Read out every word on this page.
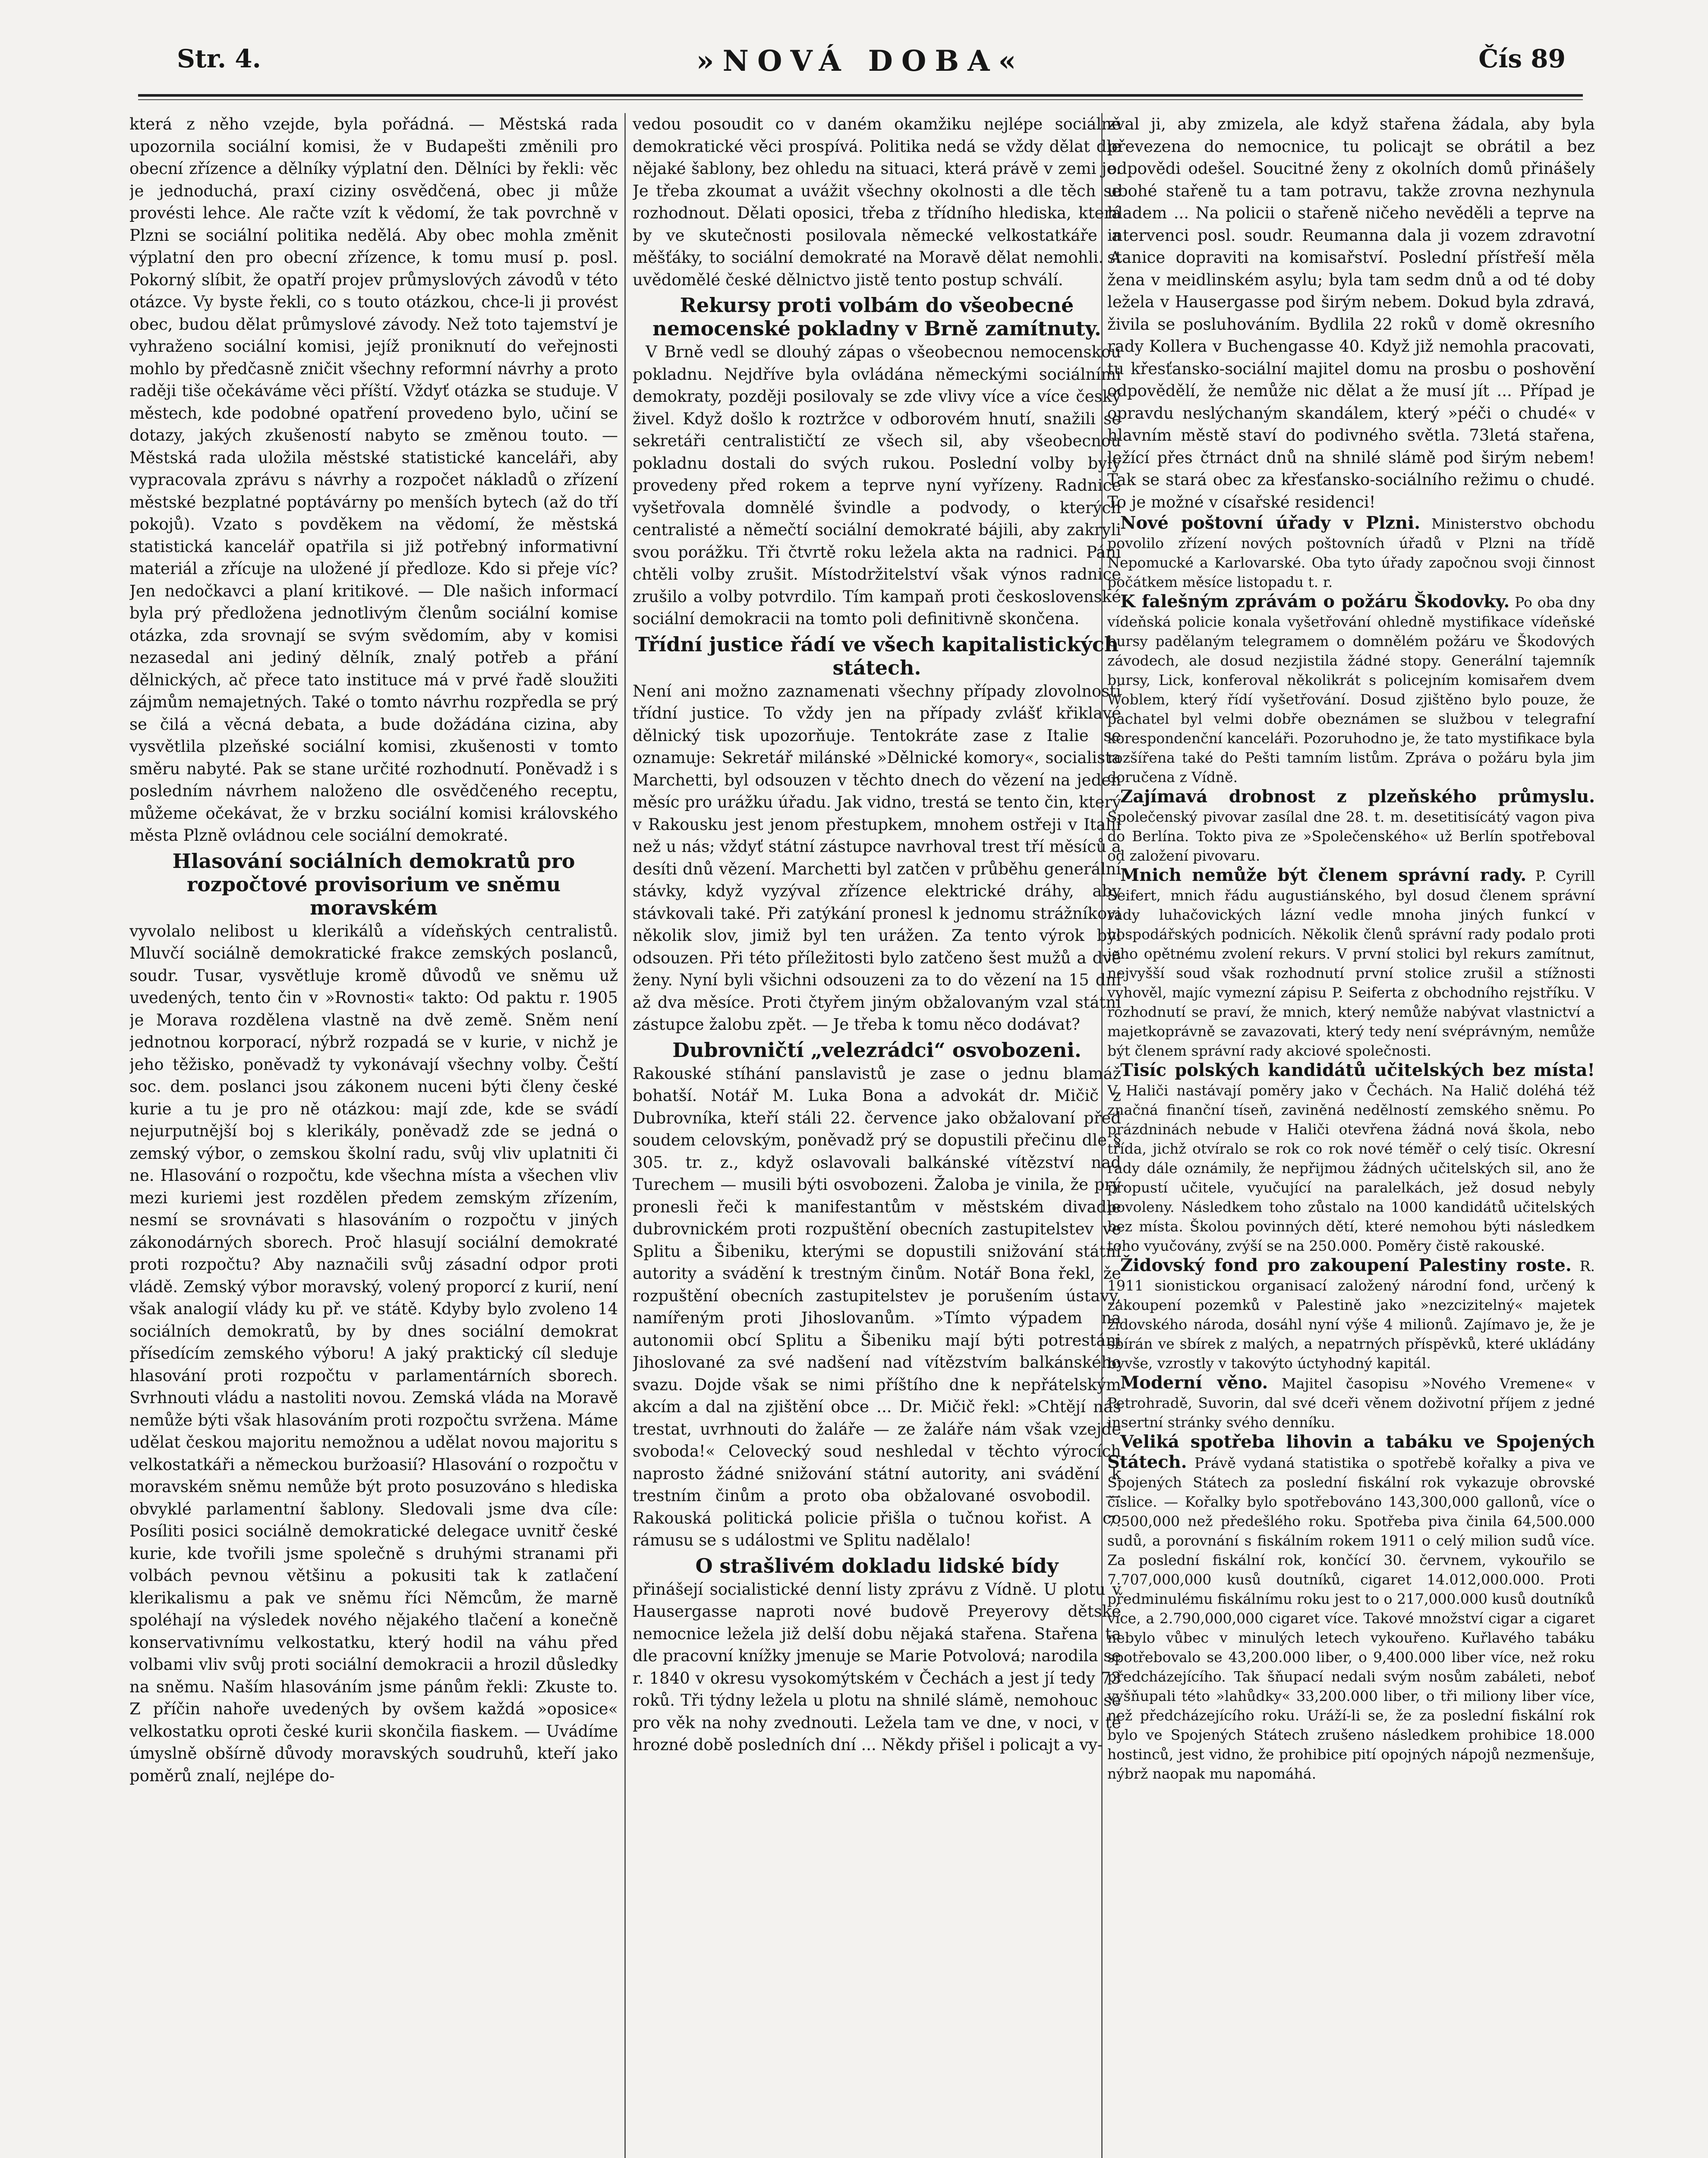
Str. 4.	»NOVÁ DOBA«	Čís 89

která z něho vzejde, byla pořádná. — Městská rada upozornila sociální komisi, že v Budapešti změnili pro obecní zřízence a dělníky výplatní den. Dělníci by řekli: věc je jednoduchá, praxí ciziny osvědčená, obec ji může provésti lehce. Ale račte vzít k vědomí, že tak povrchně v Plzni se sociální politika nedělá. Aby obec mohla změnit výplatní den pro obecní zřízence, k tomu musí p. posl. Pokorný slíbit, že opatří projev průmyslových závodů v této otázce. Vy byste řekli, co s touto otázkou, chce-li ji provést obec, budou dělat průmyslové závody. Než toto tajemství je vyhraženo sociální komisi, jejíž proniknutí do veřejnosti mohlo by předčasně zničit všechny reformní návrhy a proto raději tiše očekáváme věci příští. Vždyť otázka se studuje. V městech, kde podobné opatření provedeno bylo, učiní se dotazy, jakých zkušeností nabyto se změnou touto. — Městská rada uložila městské statistické kanceláři, aby vypracovala zprávu s návrhy a rozpočet nákladů o zřízení městské bezplatné poptávárny po menších bytech (až do tří pokojů). Vzato s povděkem na vědomí, že městská statistická kancelář opatřila si již potřebný informativní materiál a zřícuje na uložené jí předloze. Kdo si přeje víc? Jen nedočkavci a planí kritikové. — Dle našich informací byla prý předložena jednotlivým členům sociální komise otázka, zda srovnají se svým svědomím, aby v komisi nezasedal ani jediný dělník, znalý potřeb a přání dělnických, ač přece tato instituce má v prvé řadě sloužiti zájmům nemajetných. Také o tomto návrhu rozpředla se prý se čilá a věcná debata, a bude dožádána cizina, aby vysvětlila plzeňské sociální komisi, zkušenosti v tomto směru nabyté. Pak se stane určité rozhodnutí. Poněvadž i s posledním návrhem naloženo dle osvědčeného receptu, můžeme očekávat, že v brzku sociální komisi královského města Plzně ovládnou cele sociální demokraté.

Hlasování sociálních demokratů pro rozpočtové provisorium ve sněmu moravském

vyvolalo nelibost u klerikálů a vídeňských centralistů. Mluvčí sociálně demokratické frakce zemských poslanců, soudr. Tusar, vysvětluje kromě důvodů ve sněmu už uvedených, tento čin v »Rovnosti« takto: Od paktu r. 1905 je Morava rozdělena vlastně na dvě země. Sněm není jednotnou korporací, nýbrž rozpadá se v kurie, v nichž je jeho těžisko, poněvadž ty vykonávají všechny volby. Čeští soc. dem. poslanci jsou zákonem nuceni býti členy české kurie a tu je pro ně otázkou: mají zde, kde se svádí nejurputnější boj s klerikály, poněvadž zde se jedná o zemský výbor, o zemskou školní radu, svůj vliv uplatniti či ne. Hlasování o rozpočtu, kde všechna místa a všechen vliv mezi kuriemi jest rozdělen předem zemským zřízením, nesmí se srovnávati s hlasováním o rozpočtu v jiných zákonodárných sborech. Proč hlasují sociální demokraté proti rozpočtu? Aby naznačili svůj zásadní odpor proti vládě. Zemský výbor moravský, volený proporcí z kurií, není však analogií vlády ku př. ve státě. Kdyby bylo zvoleno 14 sociálních demokratů, by by dnes sociální demokrat přísedícím zemského výboru! A jaký praktický cíl sleduje hlasování proti rozpočtu v parlamentárních sborech. Svrhnouti vládu a nastoliti novou. Zemská vláda na Moravě nemůže býti však hlasováním proti rozpočtu svržena. Máme udělat českou majoritu nemožnou a udělat novou majoritu s velkostatkáři a německou buržoasií? Hlasování o rozpočtu v moravském sněmu nemůže být proto posuzováno s hlediska obvyklé parlamentní šablony. Sledovali jsme dva cíle: Posíliti posici sociálně demokratické delegace uvnitř české kurie, kde tvořili jsme společně s druhými stranami při volbách pevnou většinu a pokusiti tak k zatlačení klerikalismu a pak ve sněmu říci Němcům, že marně spoléhají na výsledek nového nějakého tlačení a konečně konservativnímu velkostatku, který hodil na váhu před volbami vliv svůj proti sociální demokracii a hrozil důsledky na sněmu. Naším hlasováním jsme pánům řekli: Zkuste to. Z příčin nahoře uvedených by ovšem každá »oposice« velkostatku oproti české kurii skončila fiaskem. — Uvádíme úmyslně obšírně důvody moravských soudruhů, kteří jako poměrů znalí, nejlépe do-

vedou posoudit co v daném okamžiku nejlépe sociálně demokratické věci prospívá. Politika nedá se vždy dělat dle nějaké šablony, bez ohledu na situaci, která právě v zemi je. Je třeba zkoumat a uvážit všechny okolnosti a dle těch se rozhodnout. Dělati oposici, třeba z třídního hlediska, která by ve skutečnosti posilovala německé velkostatkáře a měšťáky, to sociální demokraté na Moravě dělat nemohli. A uvědomělé české dělnictvo jistě tento postup schválí.

Rekursy proti volbám do všeobecné nemocenské pokladny v Brně zamítnuty.

V Brně vedl se dlouhý zápas o všeobecnou nemocenskou pokladnu. Nejdříve byla ovládána německými sociálními demokraty, později posilovaly se zde vlivy více a více český živel. Když došlo k roztržce v odborovém hnutí, snažili se sekretáři centralističtí ze všech sil, aby všeobecnou pokladnu dostali do svých rukou. Poslední volby byly provedeny před rokem a teprve nyní vyřízeny. Radnice vyšetřovala domnělé švindle a podvody, o kterých centralisté a němečtí sociální demokraté bájili, aby zakryli svou porážku. Tři čtvrtě roku ležela akta na radnici. Páni chtěli volby zrušit. Místodržitelství však výnos radnice zrušilo a volby potvrdilo. Tím kampaň proti československé sociální demokracii na tomto poli definitivně skončena.

Třídní justice řádí ve všech kapitalistických státech.

Není ani možno zaznamenati všechny případy zlovolnosti třídní justice. To vždy jen na případy zvlášť křiklavé dělnický tisk upozorňuje. Tentokráte zase z Italie se oznamuje: Sekretář milánské »Dělnické komory«, socialista Marchetti, byl odsouzen v těchto dnech do vězení na jeden měsíc pro urážku úřadu. Jak vidno, trestá se tento čin, který v Rakousku jest jenom přestupkem, mnohem ostřeji v Italii než u nás; vždyť státní zástupce navrhoval trest tří měsíců a desíti dnů vězení. Marchetti byl zatčen v průběhu generální stávky, když vyzýval zřízence elektrické dráhy, aby stávkovali také. Při zatýkání pronesl k jednomu strážníkovi několik slov, jimiž byl ten urážen. Za tento výrok byl odsouzen. Při této příležitosti bylo zatčeno šest mužů a dvě ženy. Nyní byli všichni odsouzeni za to do vězení na 15 dní až dva měsíce. Proti čtyřem jiným obžalovaným vzal státní zástupce žalobu zpět. — Je třeba k tomu něco dodávat?

Dubrovničtí „velezrádci“ osvobozeni.

Rakouské stíhání panslavistů je zase o jednu blamáž bohatší. Notář M. Luka Bona a advokát dr. Mičič z Dubrovníka, kteří stáli 22. července jako obžalovaní před soudem celovským, poněvadž prý se dopustili přečinu dle § 305. tr. z., když oslavovali balkánské vítězství nad Turechem — musili býti osvobozeni. Žaloba je vinila, že prý pronesli řeči k manifestantům v městském divadle dubrovnickém proti rozpuštění obecních zastupitelstev ve Splitu a Šibeniku, kterými se dopustili snižování státní autority a svádění k trestným činům. Notář Bona řekl, že rozpuštění obecních zastupitelstev je porušením ústavy, namířeným proti Jihoslovanům. »Tímto výpadem na autonomii obcí Splitu a Šibeniku mají býti potrestáni Jihoslované za své nadšení nad vítězstvím balkánského svazu. Dojde však se nimi příštího dne k nepřátelským akcím a dal na zjištění obce ... Dr. Mičič řekl: »Chtějí nás trestat, uvrhnouti do žaláře — ze žaláře nám však vzejde svoboda!« Celovecký soud neshledal v těchto výrocích naprosto žádné snižování státní autority, ani svádění k trestním činům a proto oba obžalované osvobodil. — Rakouská politická policie přišla o tučnou kořist. A co rámusu se s událostmi ve Splitu nadělalo!

O strašlivém dokladu lidské bídy

přinášejí socialistické denní listy zprávu z Vídně. U plotu v Hausergasse naproti nové budově Preyerovy dětské nemocnice ležela již delší dobu nějaká stařena. Stařena ta dle pracovní knížky jmenuje se Marie Potvolová; narodila se r. 1840 v okresu vysokomýtském v Čechách a jest jí tedy 73 roků. Tři týdny ležela u plotu na shnilé slámě, nemohouc se pro věk na nohy zvednouti. Ležela tam ve dne, v noci, v té hrozné době posledních dní ... Někdy přišel i policajt a vy-

zval ji, aby zmizela, ale když stařena žádala, aby byla převezena do nemocnice, tu policajt se obrátil a bez odpovědi odešel. Soucitné ženy z okolních domů přinášely ubohé stařeně tu a tam potravu, takže zrovna nezhynula hladem ... Na policii o stařeně ničeho nevěděli a teprve na intervenci posl. soudr. Reumanna dala ji vozem zdravotní stanice dopraviti na komisařství. Poslední přístřeší měla žena v meidlinském asylu; byla tam sedm dnů a od té doby ležela v Hausergasse pod širým nebem. Dokud byla zdravá, živila se posluhováním. Bydlila 22 roků v domě okresního rady Kollera v Buchengasse 40. Když již nemohla pracovati, tu křesťansko-sociální majitel domu na prosbu o poshovění odpovědělí, že nemůže nic dělat a že musí jít ... Případ je opravdu neslýchaným skandálem, který »péči o chudé« v hlavním městě staví do podivného světla. 73letá stařena, ležící přes čtrnáct dnů na shnilé slámě pod širým nebem! Tak se stará obec za křesťansko-sociálního režimu o chudé. To je možné v císařské residenci!

Nové poštovní úřady v Plzni. Ministerstvo obchodu povolilo zřízení nových poštovních úřadů v Plzni na třídě Nepomucké a Karlovarské. Oba tyto úřady započnou svoji činnost počátkem měsíce listopadu t. r.

K falešným zprávám o požáru Škodovky. Po oba dny vídeňská policie konala vyšetřování ohledně mystifikace vídeňské bursy padělaným telegramem o domnělém požáru ve Škodových závodech, ale dosud nezjistila žádné stopy. Generální tajemník bursy, Lick, konferoval několikrát s policejním komisařem dvem Woblem, který řídí vyšetřování. Dosud zjištěno bylo pouze, že pachatel byl velmi dobře obeznámen se službou v telegrafní korespondenční kanceláři. Pozoruhodno je, že tato mystifikace byla rozšířena také do Pešti tamním listům. Zpráva o požáru byla jim doručena z Vídně.

Zajímavá drobnost z plzeňského průmyslu. Společenský pivovar zasílal dne 28. t. m. desetitisícátý vagon piva do Berlína. Tokto piva ze »Společenského« už Berlín spotřeboval od založení pivovaru.

Mnich nemůže být členem správní rady. P. Cyrill Seifert, mnich řádu augustiánského, byl dosud členem správní rady luhačovických lázní vedle mnoha jiných funkcí v hospodářských podnicích. Několik členů správní rady podalo proti jeho opětnému zvolení rekurs. V první stolici byl rekurs zamítnut, nejvyšší soud však rozhodnutí první stolice zrušil a stížnosti vyhověl, majíc vymezní zápisu P. Seiferta z obchodního rejstříku. V rozhodnutí se praví, že mnich, který nemůže nabývat vlastnictví a majetkoprávně se zavazovati, který tedy není svéprávným, nemůže být členem správní rady akciové společnosti.

Tisíc polských kandidátů učitelských bez místa! V Haliči nastávají poměry jako v Čechách. Na Halič doléhá též značná finanční tíseň, zaviněná nedělností zemského sněmu. Po prázdninách nebude v Haliči otevřena žádná nová škola, nebo třída, jichž otvíralo se rok co rok nové téměř o celý tisíc. Okresní rady dále oznámily, že nepřijmou žádných učitelských sil, ano že propustí učitele, vyučující na paralelkách, jež dosud nebyly povoleny. Následkem toho zůstalo na 1000 kandidátů učitelských bez místa. Školou povinných dětí, které nemohou býti následkem toho vyučovány, zvýší se na 250.000. Poměry čistě rakouské.

Židovský fond pro zakoupení Palestiny roste. R. 1911 sionistickou organisací založený národní fond, určený k zakoupení pozemků v Palestině jako »nezcizitelný« majetek židovského národa, dosáhl nyní výše 4 milionů. Zajímavo je, že je sbírán ve sbírek z malých, a nepatrných příspěvků, které ukládány byvše, vzrostly v takovýto úctyhodný kapitál.

Moderní věno. Majitel časopisu »Nového Vremene« v Petrohradě, Suvorin, dal své dceři věnem doživotní příjem z jedné insertní stránky svého denníku.

Veliká spotřeba lihovin a tabáku ve Spojených Státech. Právě vydaná statistika o spotřebě kořalky a piva ve Spojených Státech za poslední fiskální rok vykazuje obrovské číslice. — Kořalky bylo spotřebováno 143,300,000 gallonů, více o 7.500,000 než předešlého roku. Spotřeba piva činila 64,500.000 sudů, a porovnání s fiskálním rokem 1911 o celý milion sudů více. Za poslední fiskální rok, končící 30. červnem, vykouřilo se 7.707,000,000 kusů doutníků, cigaret 14.012,000.000. Proti předminulému fiskálnímu roku jest to o 217,000.000 kusů doutníků více, a 2.790,000,000 cigaret více. Takové množství cigar a cigaret nebylo vůbec v minulých letech vykouřeno. Kuřlavého tabáku spotřebovalo se 43,200.000 liber, o 9,400.000 liber více, než roku předcházejícího. Tak šňupací nedali svým nosům zabáleti, neboť vyšňupali této »lahůdky« 33,200.000 liber, o tři miliony liber více, než předcházejícího roku. Uráží-li se, že za poslední fiskální rok bylo ve Spojených Státech zrušeno následkem prohibice 18.000 hostinců, jest vidno, že prohibice pití opojných nápojů nezmenšuje, nýbrž naopak mu napomáhá.
